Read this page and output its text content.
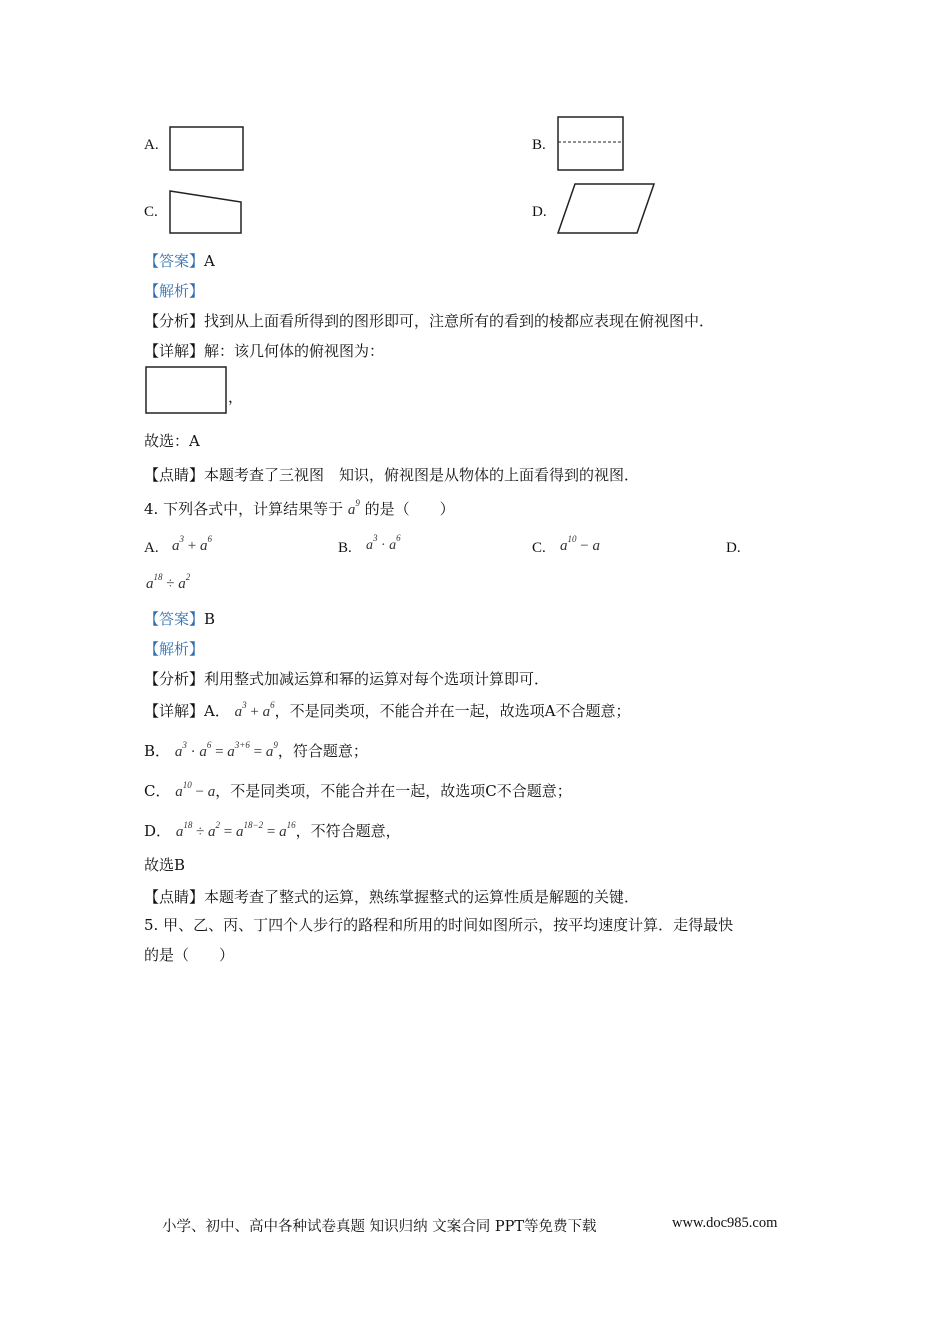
A.	B.
C.	D.
【答案】A
【解析】
【分析】找到从上面看所得到的图形即可，注意所有的看到的棱都应表现在俯视图中．
【详解】解：该几何体的俯视图为：
，
故选：A
【点睛】本题考查了三视图　知识，俯视图是从物体的上面看得到的视图．
4. 下列各式中，计算结果等于 $a^9$ 的是（　　）
A. $a^3 + a^6$
B. $a^3 \cdot a^6$
C. $a^{10} - a$	D.
$a^{18} \div a^2$
【答案】B
【解析】
【分析】利用整式加减运算和幂的运算对每个选项计算即可．
【详解】A． $a^3 + a^6$，不是同类项，不能合并在一起，故选项A不合题意；
B． $a^3 \cdot a^6 = a^{3+6} = a^9$，符合题意；
C． $a^{10} - a$，不是同类项，不能合并在一起，故选项C不合题意；
D． $a^{18} \div a^2 = a^{18-2} = a^{16}$，不符合题意，
故选B
【点睛】本题考查了整式的运算，熟练掌握整式的运算性质是解题的关键．
5. 甲、乙、丙、丁四个人步行的路程和所用的时间如图所示，按平均速度计算．走得最快
的是（　　）
小学、初中、高中各种试卷真题 知识归纳 文案合同 PPT等免费下载	www.doc985.com
